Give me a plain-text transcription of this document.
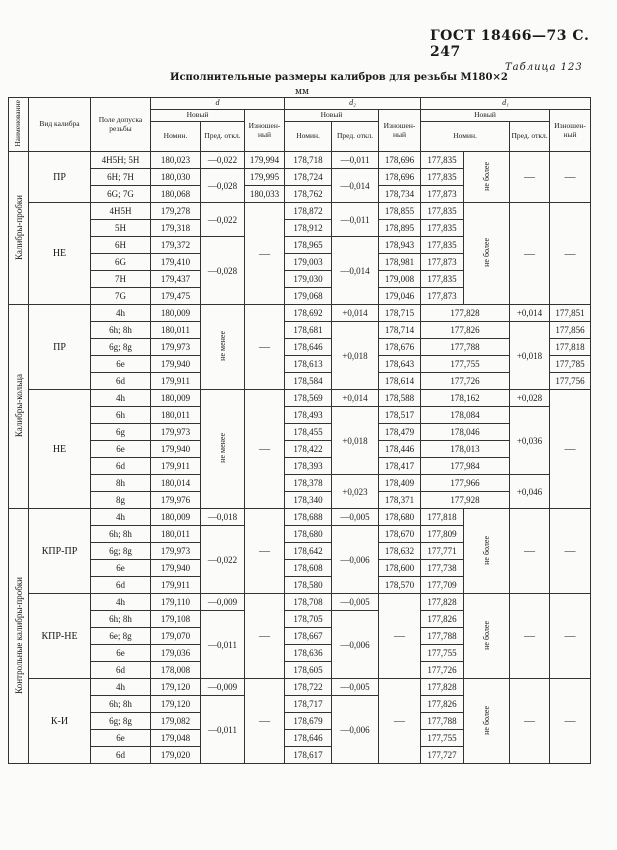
ГОСТ 18466—73 С. 247
Таблица 123
Исполнительные размеры калибров для резьбы М180×2
мм
Наименование	Вид калибра	Поле допуска резьбы	d			d₂			d₁			
			Новый		Изношен-ный	Новый		Изношен-ный	Новый			Изношен-ный
			Номин.	Пред. откл.		Номин.	Пред. откл.		Номин.		Пред. откл.	
Калибры-пробки	ПР	4H5H; 5H	180,023	—0,022	179,994	178,718	—0,011	178,696	177,835	не более	—	—
		6H; 7H	180,030	—0,028	179,995	178,724	—0,014	178,696	177,835			
		6G; 7G	180,068		180,033	178,762		178,734	177,873			
	НЕ	4H5H	179,278	—0,022	—	178,872	—0,011	178,855	177,835	не более	—	—
		5H	179,318			178,912		178,895	177,835			
		6H	179,372	—0,028		178,965	—0,014	178,943	177,835			
		6G	179,410			179,003		178,981	177,873			
		7H	179,437			179,030		179,008	177,835			
		7G	179,475			179,068		179,046	177,873			
Калибры-кольца	ПР	4h	180,009	не менее	—	178,692	+0,014	178,715	177,828		+0,014	177,851
		6h; 8h	180,011			178,681	+0,018	178,714	177,826		+0,018	177,856
		6g; 8g	179,973			178,646		178,676	177,788			177,818
		6e	179,940			178,613		178,643	177,755			177,785
		6d	179,911			178,584		178,614	177,726			177,756
	НЕ	4h	180,009	не менее	—	178,569	+0,014	178,588	178,162		+0,028	—
		6h	180,011			178,493	+0,018	178,517	178,084		+0,036	
		6g	179,973			178,455		178,479	178,046			
		6e	179,940			178,422		178,446	178,013			
		6d	179,911			178,393		178,417	177,984			
		8h	180,014			178,378	+0,023	178,409	177,966		+0,046	
		8g	179,976			178,340		178,371	177,928			
Контрольные калибры-пробки	КПР-ПР	4h	180,009	—0,018	—	178,688	—0,005	178,680	177,818	не более	—	—
		6h; 8h	180,011	—0,022		178,680	—0,006	178,670	177,809			
		6g; 8g	179,973			178,642		178,632	177,771			
		6e	179,940			178,608		178,600	177,738			
		6d	179,911			178,580		178,570	177,709			
	КПР-НЕ	4h	179,110	—0,009	—	178,708	—0,005	—	177,828	не более	—	—
		6h; 8h	179,108	—0,011		178,705	—0,006		177,826			
		6e; 8g	179,070			178,667			177,788			
		6e	179,036			178,636			177,755			
		6d	178,008			178,605			177,726			
	К-И	4h	179,120	—0,009	—	178,722	—0,005	—	177,828	не более	—	—
		6h; 8h	179,120	—0,011		178,717	—0,006		177,826			
		6g; 8g	179,082			178,679			177,788			
		6e	179,048			178,646			177,755			
		6d	179,020			178,617			177,727			
